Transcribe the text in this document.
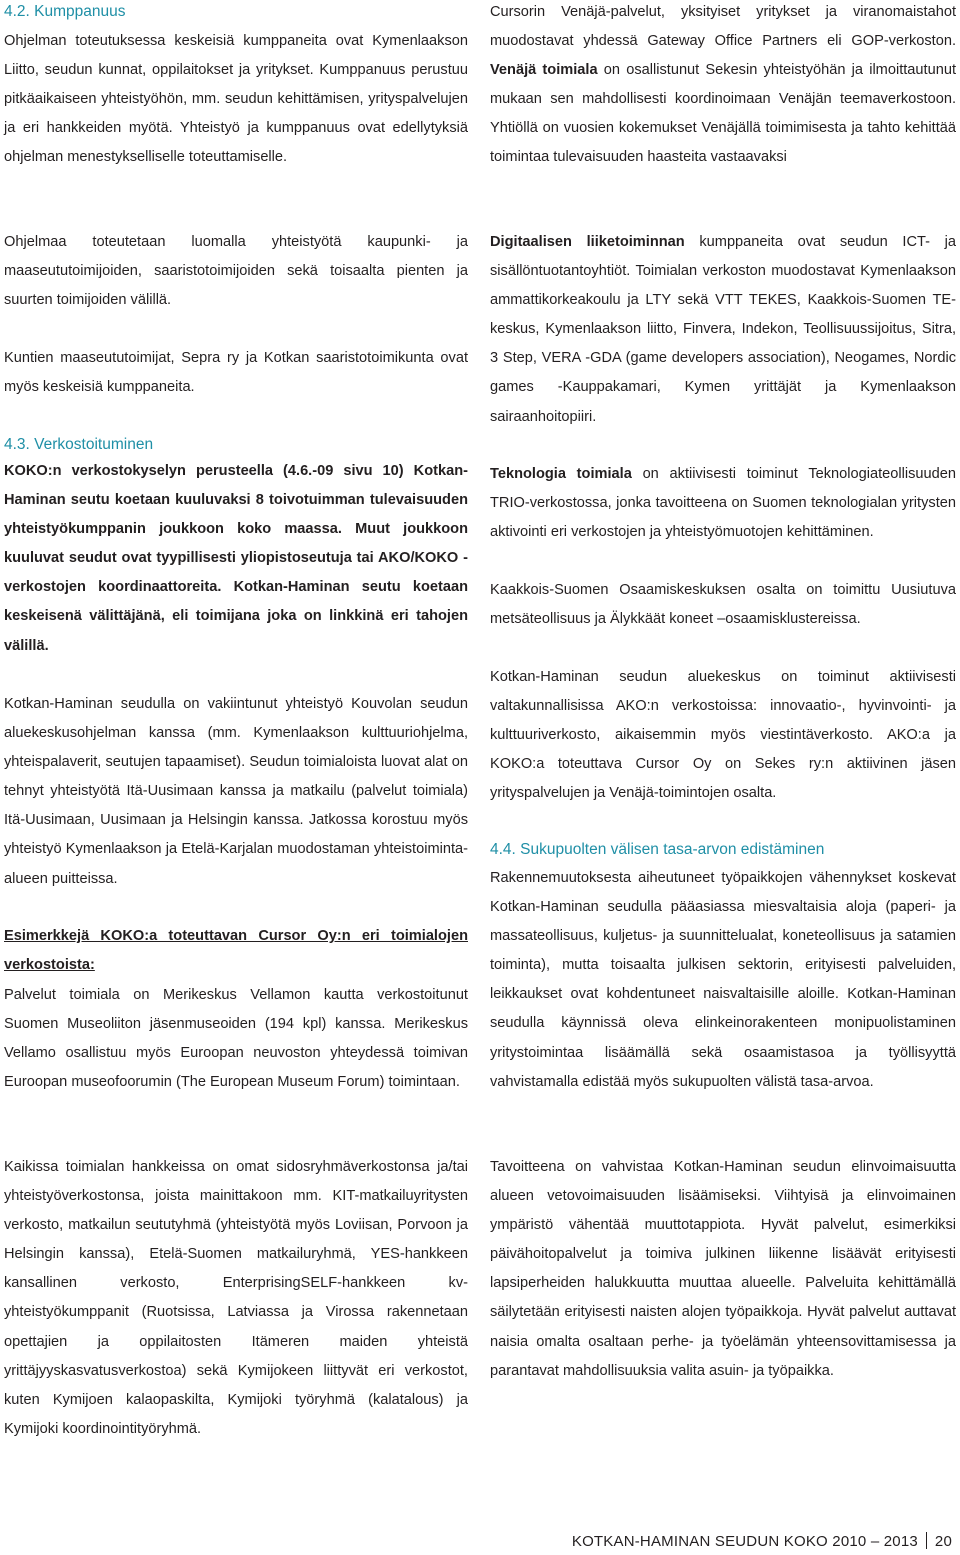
4.2. Kumppanuus

Ohjelman toteutuksessa keskeisiä kumppaneita ovat Kymenlaakson Liitto, seudun kunnat, oppilaitokset ja yritykset. Kumppanuus perustuu pitkäaikaiseen yhteistyöhön, mm. seudun kehittämisen, yrityspalvelujen ja eri hankkeiden myötä. Yhteistyö ja kumppanuus ovat edellytyksiä ohjelman menestykselliselle toteuttamiselle.

Ohjelmaa toteutetaan luomalla yhteistyötä kaupunki- ja maaseututoimijoiden, saaristotoimijoiden sekä toisaalta pienten ja suurten toimijoiden välillä.

Kuntien maaseututoimijat, Sepra ry ja Kotkan saaristotoimikunta ovat myös keskeisiä kumppaneita.

4.3. Verkostoituminen

KOKO:n verkostokyselyn perusteella (4.6.-09 sivu 10) Kotkan-Haminan seutu koetaan kuuluvaksi 8 toivotuimman tulevaisuuden yhteistyökumppanin joukkoon koko maassa. Muut joukkoon kuuluvat seudut ovat tyypillisesti yliopistoseutuja tai AKO/KOKO -verkostojen koordinaattoreita. Kotkan-Haminan seutu koetaan keskeisenä välittäjänä, eli toimijana joka on linkkinä eri tahojen välillä.

Kotkan-Haminan seudulla on vakiintunut yhteistyö Kouvolan seudun aluekeskusohjelman kanssa (mm. Kymenlaakson kulttuuriohjelma, yhteispalaverit, seutujen tapaamiset). Seudun toimialoista luovat alat on tehnyt yhteistyötä Itä-Uusimaan kanssa ja matkailu (palvelut toimiala) Itä-Uusimaan, Uusimaan ja Helsingin kanssa. Jatkossa korostuu myös yhteistyö Kymenlaakson ja Etelä-Karjalan muodostaman yhteistoiminta-alueen puitteissa.

Esimerkkejä KOKO:a toteuttavan Cursor Oy:n eri toimialojen verkostoista:

Palvelut toimiala on Merikeskus Vellamon kautta verkostoitunut Suomen Museoliiton jäsenmuseoiden (194 kpl) kanssa. Merikeskus Vellamo osallistuu myös Euroopan neuvoston yhteydessä toimivan Euroopan museofoorumin (The European Museum Forum) toimintaan.

Kaikissa toimialan hankkeissa on omat sidosryhmäverkostonsa ja/tai yhteistyöverkostonsa, joista mainittakoon mm. KIT-matkailuyritysten verkosto, matkailun seututyhmä (yhteistyötä myös Loviisan, Porvoon ja Helsingin kanssa), Etelä-Suomen matkailuryhmä, YES-hankkeen kansallinen verkosto, EnterprisingSELF-hankkeen kv-yhteistyökumppanit (Ruotsissa, Latviassa ja Virossa rakennetaan opettajien ja oppilaitosten Itämeren maiden yhteistä yrittäjyyskasvatusverkostoa) sekä Kymijokeen liittyvät eri verkostot, kuten Kymijoen kalaopaskilta, Kymijoki työryhmä (kalatalous) ja Kymijoki koordinointityöryhmä.

Cursorin Venäjä-palvelut, yksityiset yritykset ja viranomaistahot muodostavat yhdessä Gateway Office Partners eli GOP-verkoston. Venäjä toimiala on osallistunut Sekesin yhteistyöhän ja ilmoittautunut mukaan sen mahdollisesti koordinoimaan Venäjän teemaverkostoon. Yhtiöllä on vuosien kokemukset Venäjällä toimimisesta ja tahto kehittää toimintaa tulevaisuuden haasteita vastaavaksi

Digitaalisen liiketoiminnan kumppaneita ovat seudun ICT- ja sisällöntuotantoyhtiöt. Toimialan verkoston muodostavat Kymenlaakson ammattikorkeakoulu ja LTY sekä VTT TEKES, Kaakkois-Suomen TE-keskus, Kymenlaakson liitto, Finvera, Indekon, Teollisuussijoitus, Sitra, 3 Step, VERA -GDA (game developers association), Neogames, Nordic games -Kauppakamari, Kymen yrittäjät ja Kymenlaakson sairaanhoitopiiri.

Teknologia toimiala on aktiivisesti toiminut Teknologiateollisuuden TRIO-verkostossa, jonka tavoitteena on Suomen teknologialan yritysten aktivointi eri verkostojen ja yhteistyömuotojen kehittäminen.

Kaakkois-Suomen Osaamiskeskuksen osalta on toimittu Uusiutuva metsäteollisuus ja Älykkäät koneet –osaamisklustereissa.

Kotkan-Haminan seudun aluekeskus on toiminut aktiivisesti valtakunnallisissa AKO:n verkostoissa: innovaatio-, hyvinvointi- ja kulttuuriverkosto, aikaisemmin myös viestintäverkosto. AKO:a ja KOKO:a toteuttava Cursor Oy on Sekes ry:n aktiivinen jäsen yrityspalvelujen ja Venäjä-toimintojen osalta.

4.4. Sukupuolten välisen tasa-arvon edistäminen

Rakennemuutoksesta aiheutuneet työpaikkojen vähennykset koskevat Kotkan-Haminan seudulla pääasiassa miesvaltaisia aloja (paperi- ja massateollisuus, kuljetus- ja suunnittelualat, koneteollisuus ja satamien toiminta), mutta toisaalta julkisen sektorin, erityisesti palveluiden, leikkaukset ovat kohdentuneet naisvaltaisille aloille. Kotkan-Haminan seudulla käynnissä oleva elinkeinorakenteen monipuolistaminen yritystoimintaa lisäämällä sekä osaamistasoa ja työllisyyttä vahvistamalla edistää myös sukupuolten välistä tasa-arvoa.

Tavoitteena on vahvistaa Kotkan-Haminan seudun elinvoimaisuutta alueen vetovoimaisuuden lisäämiseksi. Viihtyisä ja elinvoimainen ympäristö vähentää muuttotappiota. Hyvät palvelut, esimerkiksi päivähoitopalvelut ja toimiva julkinen liikenne lisäävät erityisesti lapsiperheiden halukkuutta muuttaa alueelle. Palveluita kehittämällä säilytetään erityisesti naisten alojen työpaikkoja. Hyvät palvelut auttavat naisia omalta osaltaan perhe- ja työelämän yhteensovittamisessa ja parantavat mahdollisuuksia valita asuin- ja työpaikka.

KOTKAN-HAMINAN SEUDUN KOKO 2010 – 2013 20
